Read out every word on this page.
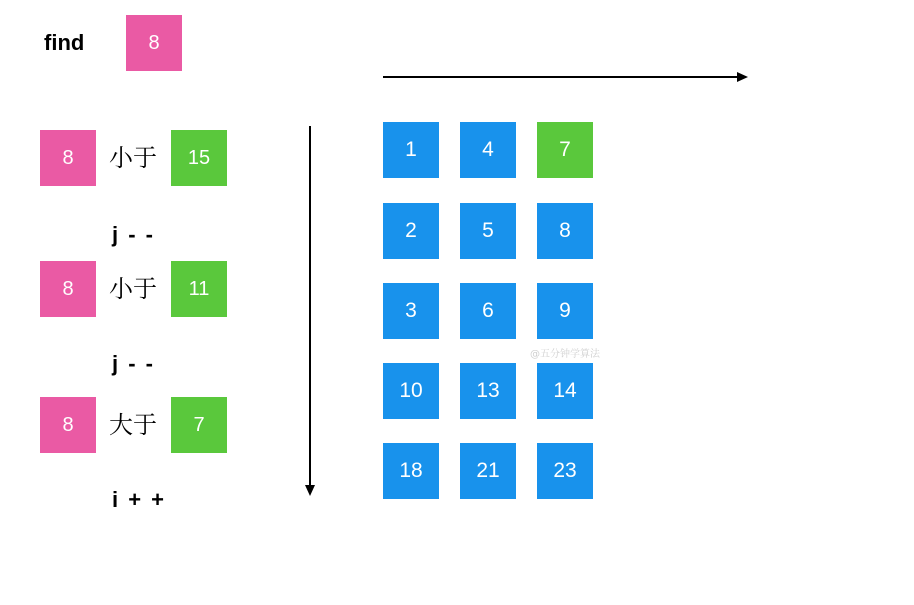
find	8
8	小于	15
j - -
8	小于	11
j - -
8	大于	7
i + +
1	4	7
2	5	8
3	6	9
10	13	14
18	21	23
@五分钟学算法
